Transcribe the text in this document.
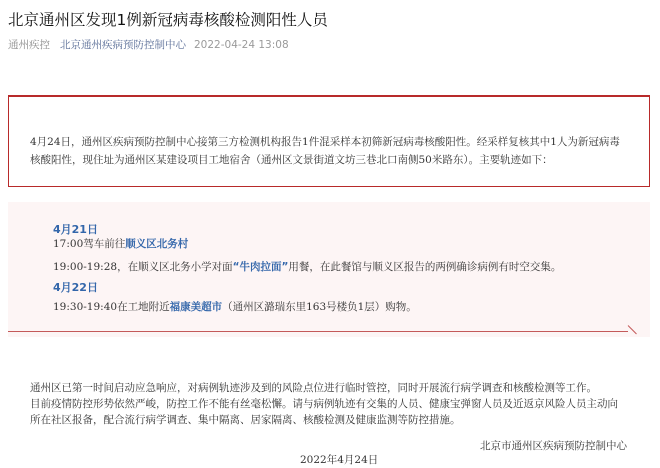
北京通州区发现1例新冠病毒核酸检测阳性人员
通州疾控 北京通州疾病预防控制中心 2022-04-24 13:08
4月24日，通州区疾病预防控制中心接第三方检测机构报告1件混采样本初筛新冠病毒核酸阳性。经采样复核其中1人为新冠病毒核酸阳性，现住址为通州区某建设项目工地宿舍（通州区文景街道文坊三巷北口南侧50米路东）。主要轨迹如下：
4月21日
17:00驾车前往顺义区北务村
19:00-19:28，在顺义区北务小学对面“牛肉拉面”用餐，在此餐馆与顺义区报告的两例确诊病例有时空交集。
4月22日
19:30-19:40在工地附近福康美超市（通州区潞瑞东里163号楼负1层）购物。
通州区已第一时间启动应急响应，对病例轨迹涉及到的风险点位进行临时管控，同时开展流行病学调查和核酸检测等工作。
目前疫情防控形势依然严峻，防控工作不能有丝毫松懈。请与病例轨迹有交集的人员、健康宝弹窗人员及近返京风险人员主动向所在社区报备，配合流行病学调查、集中隔离、居家隔离、核酸检测及健康监测等防控措施。
北京市通州区疾病预防控制中心
2022年4月24日
